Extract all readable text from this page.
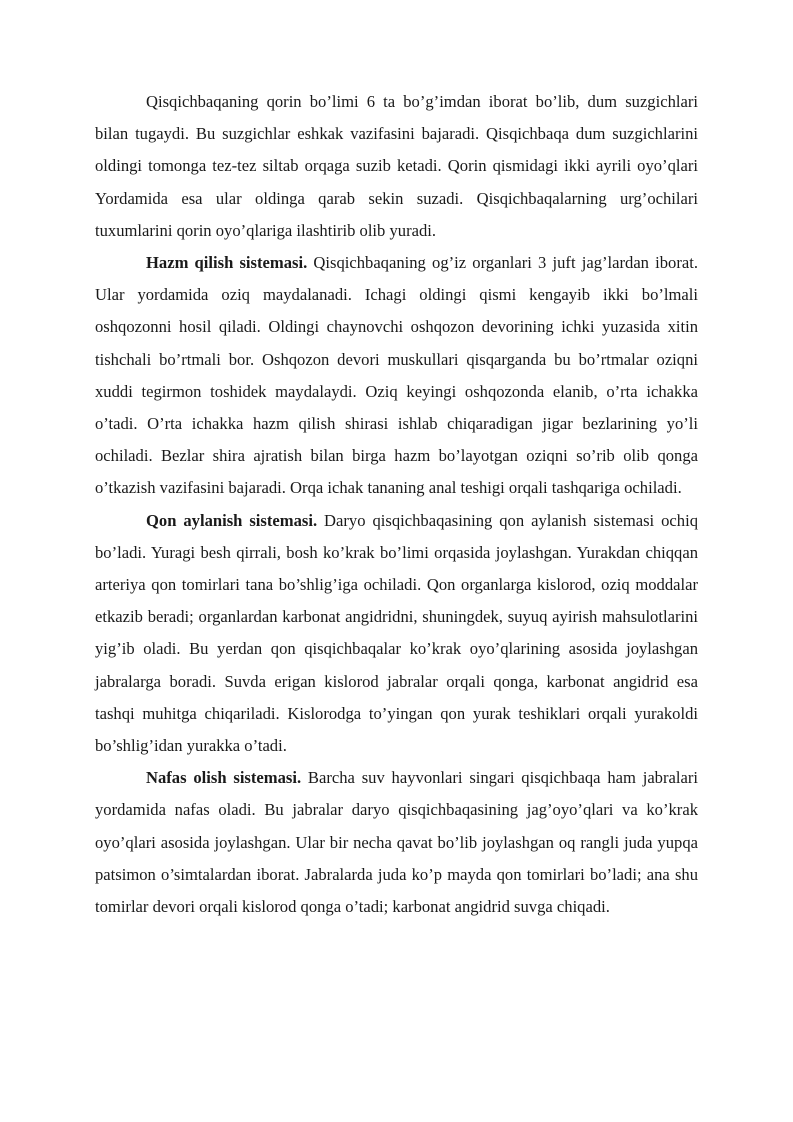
Qisqichbaqaning qorin bo’limi 6 ta bo’g’imdan iborat bo’lib, dum suzgichlari bilan tugaydi. Bu suzgichlar eshkak vazifasini bajaradi. Qisqichbaqa dum suzgichlarini oldingi tomonga tez-tez siltab orqaga suzib ketadi. Qorin qismidagi ikki ayrili oyo’qlari Yordamida esa ular oldinga qarab sekin suzadi. Qisqichbaqalarning urg’ochilari tuxumlarini qorin oyo’qlariga ilashtirib olib yuradi.

Hazm qilish sistemasi. Qisqichbaqaning og’iz organlari 3 juft jag’lardan iborat. Ular yordamida oziq maydalanadi. Ichagi oldingi qismi kengayib ikki bo’lmali oshqozonni hosil qiladi. Oldingi chaynovchi oshqozon devorining ichki yuzasida xitin tishchali bo’rtmali bor. Oshqozon devori muskullari qisqarganda bu bo’rtmalar oziqni xuddi tegirmon toshidek maydalaydi. Oziq keyingi oshqozonda elanib, o’rta ichakka o’tadi. O’rta ichakka hazm qilish shirasi ishlab chiqaradigan jigar bezlarining yo’li ochiladi. Bezlar shira ajratish bilan birga hazm bo’layotgan oziqni so’rib olib qonga o’tkazish vazifasini bajaradi. Orqa ichak tananing anal teshigi orqali tashqariga ochiladi.

Qon aylanish sistemasi. Daryo qisqichbaqasining qon aylanish sistemasi ochiq bo’ladi. Yuragi besh qirrali, bosh ko’krak bo’limi orqasida joylashgan. Yurakdan chiqqan arteriya qon tomirlari tana bo’shlig’iga ochiladi. Qon organlarga kislorod, oziq moddalar etkazib beradi; organlardan karbonat angidridni, shuningdek, suyuq ayirish mahsulotlarini yig’ib oladi. Bu yerdan qon qisqichbaqalar ko’krak oyo’qlarining asosida joylashgan jabralarga boradi. Suvda erigan kislorod jabralar orqali qonga, karbonat angidrid esa tashqi muhitga chiqariladi. Kislorodga to’yingan qon yurak teshiklari orqali yurakoldi bo’shlig’idan yurakka o’tadi.

Nafas olish sistemasi. Barcha suv hayvonlari singari qisqichbaqa ham jabralari yordamida nafas oladi. Bu jabralar daryo qisqichbaqasining jag’oyo’qlari va ko’krak oyo’qlari asosida joylashgan. Ular bir necha qavat bo’lib joylashgan oq rangli juda yupqa patsimon o’simtalardan iborat. Jabralarda juda ko’p mayda qon tomirlari bo’ladi; ana shu tomirlar devori orqali kislorod qonga o’tadi; karbonat angidrid suvga chiqadi.
